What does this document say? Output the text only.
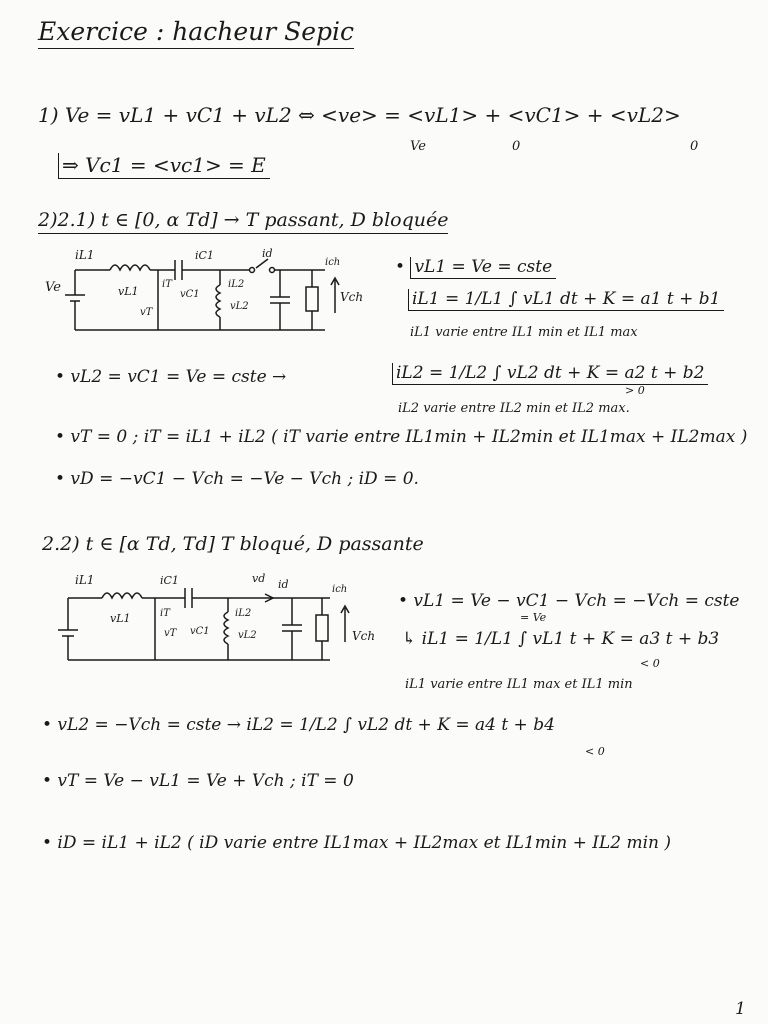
Exercice : hacheur Sepic
1) Ve = vL1 + vC1 + vL2 ⇔ <ve> = <vL1> + <vC1> + <vL2>
Ve	0	0
⇒ Vc1 = <vc1> = E
2)2.1) t ∈ [0, α Td] → T passant, D bloquée
iL1
Ve	vL1
iT
vT
iC1
vC1
iL2
vL2
id
ich
Vch
• vL1 = Ve = cste
iL1 = 1/L1 ∫ vL1 dt + K = a1 t + b1
iL1 varie entre IL1 min et IL1 max
• vL2 = vC1 = Ve = cste →	iL2 = 1/L2 ∫ vL2 dt + K = a2 t + b2
> 0
iL2 varie entre IL2 min et IL2 max.
• vT = 0 ; iT = iL1 + iL2 ( iT varie entre IL1min + IL2min et IL1max + IL2max )
• vD = −vC1 − Vch = −Ve − Vch ; iD = 0.
2.2) t ∈ [α Td, Td] T bloqué, D passante
iL1
vL1	iT
vT
iC1
vC1
iL2
vL2
vd id	ich
Vch
• vL1 = Ve − vC1 − Vch = −Vch = cste
= Ve
↳ iL1 = 1/L1 ∫ vL1 t + K = a3 t + b3
< 0
iL1 varie entre IL1 max et IL1 min
• vL2 = −Vch = cste → iL2 = 1/L2 ∫ vL2 dt + K = a4 t + b4
< 0
• vT = Ve − vL1 = Ve + Vch ; iT = 0
• iD = iL1 + iL2 ( iD varie entre IL1max + IL2max et IL1min + IL2 min )
1
